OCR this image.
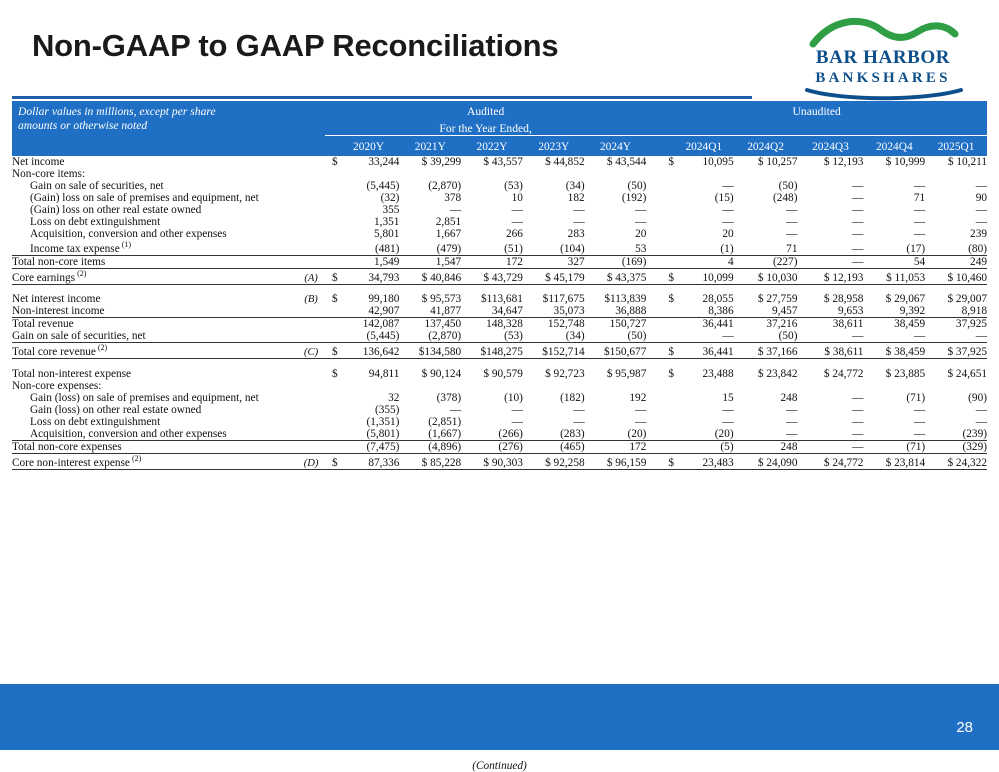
Non-GAAP to GAAP Reconciliations	BAR HARBOR
BANKSHARES
Dollar values in millions, except per share
amounts or otherwise noted		Audited						Unaudited						
		For the Year Ended,												
			2020Y	2021Y	2022Y	2023Y	2024Y			2024Q1	2024Q2	2024Q3	2024Q4	2025Q1
Net income		$	33,244	$ 39,299	$ 43,557	$ 44,852	$ 43,544		$	10,095	$ 10,257	$ 12,193	$ 10,999	$ 10,211
Non-core items:														
Gain on sale of securities, net			(5,445)	(2,870)	(53)	(34)	(50)			—	(50)	—	—	—
(Gain) loss on sale of premises and equipment, net			(32)	378	10	182	(192)			(15)	(248)	—	71	90
(Gain) loss on other real estate owned			355	—	—	—	—			—	—	—	—	—
Loss on debt extinguishment			1,351	2,851	—	—	—			—	—	—	—	—
Acquisition, conversion and other expenses			5,801	1,667	266	283	20			20	—	—	—	239
Income tax expense $^{(1)}$			(481)	(479)	(51)	(104)	53			(1)	71	—	(17)	(80)
Total non-core items			1,549	1,547	172	327	(169)			4	(227)	—	54	249
Core earnings $^{(2)}$	(A)	$	34,793	$ 40,846	$ 43,729	$ 45,179	$ 43,375		$	10,099	$ 10,030	$ 12,193	$ 11,053	$ 10,460

Net interest income	(B)	$	99,180	$ 95,573	$113,681	$117,675	$113,839		$	28,055	$ 27,759	$ 28,958	$ 29,067	$ 29,007
Non-interest income			42,907	41,877	34,647	35,073	36,888			8,386	9,457	9,653	9,392	8,918
Total revenue			142,087	137,450	148,328	152,748	150,727			36,441	37,216	38,611	38,459	37,925
Gain on sale of securities, net			(5,445)	(2,870)	(53)	(34)	(50)			—	(50)	—	—	—
Total core revenue $^{(2)}$	(C)	$	136,642	$134,580	$148,275	$152,714	$150,677		$	36,441	$ 37,166	$ 38,611	$ 38,459	$ 37,925

Total non-interest expense		$	94,811	$ 90,124	$ 90,579	$ 92,723	$ 95,987		$	23,488	$ 23,842	$ 24,772	$ 23,885	$ 24,651
Non-core expenses:														
Gain (loss) on sale of premises and equipment, net			32	(378)	(10)	(182)	192			15	248	—	(71)	(90)
Gain (loss) on other real estate owned			(355)	—	—	—	—			—	—	—	—	—
Loss on debt extinguishment			(1,351)	(2,851)	—	—	—			—	—	—	—	—
Acquisition, conversion and other expenses			(5,801)	(1,667)	(266)	(283)	(20)			(20)	—	—	—	(239)
Total non-core expenses			(7,475)	(4,896)	(276)	(465)	172			(5)	248	—	(71)	(329)
Core non-interest expense $^{(2)}$	(D)	$	87,336	$ 85,228	$ 90,303	$ 92,258	$ 96,159		$	23,483	$ 24,090	$ 24,772	$ 23,814	$ 24,322
(Continued)
28
